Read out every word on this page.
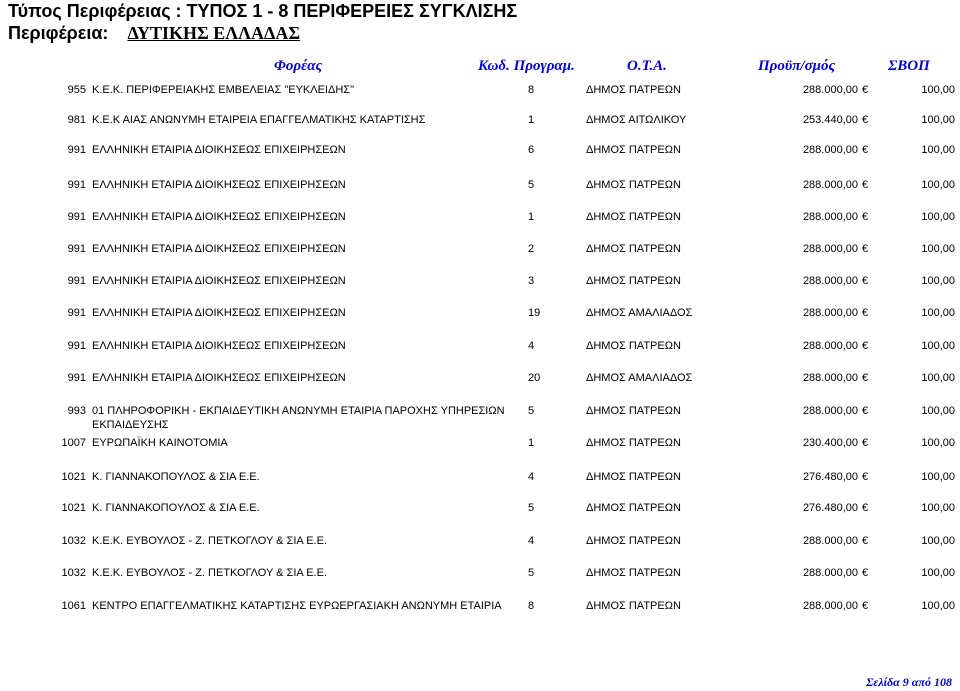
Τύπος Περιφέρειας : ΤΥΠΟΣ 1 - 8 ΠΕΡΙΦΕΡΕΙΕΣ ΣΥΓΚΛΙΣΗΣ
Περιφέρεια: ΔΥΤΙΚΗΣ ΕΛΛΑΔΑΣ
Φορέας	Κωδ. Προγραμ.	Ο.Τ.Α.	Προϋπ/σμός	ΣΒΟΠ
955 Κ.Ε.Κ. ΠΕΡΙΦΕΡΕΙΑΚΗΣ ΕΜΒΕΛΕΙΑΣ "ΕΥΚΛΕΙΔΗΣ"	8	ΔΗΜΟΣ ΠΑΤΡΕΩΝ	288.000,00	100,00
€
981 Κ.Ε.Κ ΑΙΑΣ ΑΝΩΝΥΜΗ ΕΤΑΙΡΕΙΑ ΕΠΑΓΓΕΛΜΑΤΙΚΗΣ ΚΑΤΑΡΤΙΣΗΣ	1	ΔΗΜΟΣ ΑΙΤΩΛΙΚΟΥ	253.440,00	100,00
€
991 ΕΛΛΗΝΙΚΗ ΕΤΑΙΡΙΑ ΔΙΟΙΚΗΣΕΩΣ ΕΠΙΧΕΙΡΗΣΕΩΝ	6	ΔΗΜΟΣ ΠΑΤΡΕΩΝ	288.000,00	100,00
€
991 ΕΛΛΗΝΙΚΗ ΕΤΑΙΡΙΑ ΔΙΟΙΚΗΣΕΩΣ ΕΠΙΧΕΙΡΗΣΕΩΝ	5	ΔΗΜΟΣ ΠΑΤΡΕΩΝ	288.000,00	100,00
€
991 ΕΛΛΗΝΙΚΗ ΕΤΑΙΡΙΑ ΔΙΟΙΚΗΣΕΩΣ ΕΠΙΧΕΙΡΗΣΕΩΝ	1	ΔΗΜΟΣ ΠΑΤΡΕΩΝ	288.000,00	100,00
€
991 ΕΛΛΗΝΙΚΗ ΕΤΑΙΡΙΑ ΔΙΟΙΚΗΣΕΩΣ ΕΠΙΧΕΙΡΗΣΕΩΝ	2	ΔΗΜΟΣ ΠΑΤΡΕΩΝ	288.000,00	100,00
€
991 ΕΛΛΗΝΙΚΗ ΕΤΑΙΡΙΑ ΔΙΟΙΚΗΣΕΩΣ ΕΠΙΧΕΙΡΗΣΕΩΝ	3	ΔΗΜΟΣ ΠΑΤΡΕΩΝ	288.000,00	100,00
€
991 ΕΛΛΗΝΙΚΗ ΕΤΑΙΡΙΑ ΔΙΟΙΚΗΣΕΩΣ ΕΠΙΧΕΙΡΗΣΕΩΝ	19	ΔΗΜΟΣ ΑΜΑΛΙΑΔΟΣ	288.000,00	100,00
€
991 ΕΛΛΗΝΙΚΗ ΕΤΑΙΡΙΑ ΔΙΟΙΚΗΣΕΩΣ ΕΠΙΧΕΙΡΗΣΕΩΝ	4	ΔΗΜΟΣ ΠΑΤΡΕΩΝ	288.000,00	100,00
€
991 ΕΛΛΗΝΙΚΗ ΕΤΑΙΡΙΑ ΔΙΟΙΚΗΣΕΩΣ ΕΠΙΧΕΙΡΗΣΕΩΝ	20	ΔΗΜΟΣ ΑΜΑΛΙΑΔΟΣ	288.000,00	100,00
€
993 01 ΠΛΗΡΟΦΟΡΙΚΗ - ΕΚΠΑΙΔΕΥΤΙΚΗ ΑΝΩΝΥΜΗ ΕΤΑΙΡΙΑ ΠΑΡΟΧΗΣ ΥΠΗΡΕΣΙΩΝ ΕΚΠΑΙΔΕΥΣΗΣ
5	ΔΗΜΟΣ ΠΑΤΡΕΩΝ	288.000,00	100,00
€
1007 ΕΥΡΩΠΑΪΚΗ ΚΑΙΝΟΤΟΜΙΑ	1	ΔΗΜΟΣ ΠΑΤΡΕΩΝ	230.400,00	100,00
€
1021 Κ. ΓΙΑΝΝΑΚΟΠΟΥΛΟΣ & ΣΙΑ Ε.Ε.	4	ΔΗΜΟΣ ΠΑΤΡΕΩΝ	276.480,00	100,00
€
1021 Κ. ΓΙΑΝΝΑΚΟΠΟΥΛΟΣ & ΣΙΑ Ε.Ε.	5	ΔΗΜΟΣ ΠΑΤΡΕΩΝ	276.480,00	100,00
€
1032 Κ.Ε.Κ. ΕΥΒΟΥΛΟΣ - Ζ. ΠΕΤΚΟΓΛΟΥ & ΣΙΑ Ε.Ε.	4	ΔΗΜΟΣ ΠΑΤΡΕΩΝ	288.000,00	100,00
€
1032 Κ.Ε.Κ. ΕΥΒΟΥΛΟΣ - Ζ. ΠΕΤΚΟΓΛΟΥ & ΣΙΑ Ε.Ε.	5	ΔΗΜΟΣ ΠΑΤΡΕΩΝ	288.000,00	100,00
€
1061 ΚΕΝΤΡΟ ΕΠΑΓΓΕΛΜΑΤΙΚΗΣ ΚΑΤΑΡΤΙΣΗΣ ΕΥΡΩΕΡΓΑΣΙΑΚΗ ΑΝΩΝΥΜΗ ΕΤΑΙΡΙΑ	8	ΔΗΜΟΣ ΠΑΤΡΕΩΝ	288.000,00	100,00
€
Σελίδα 9 από 108
